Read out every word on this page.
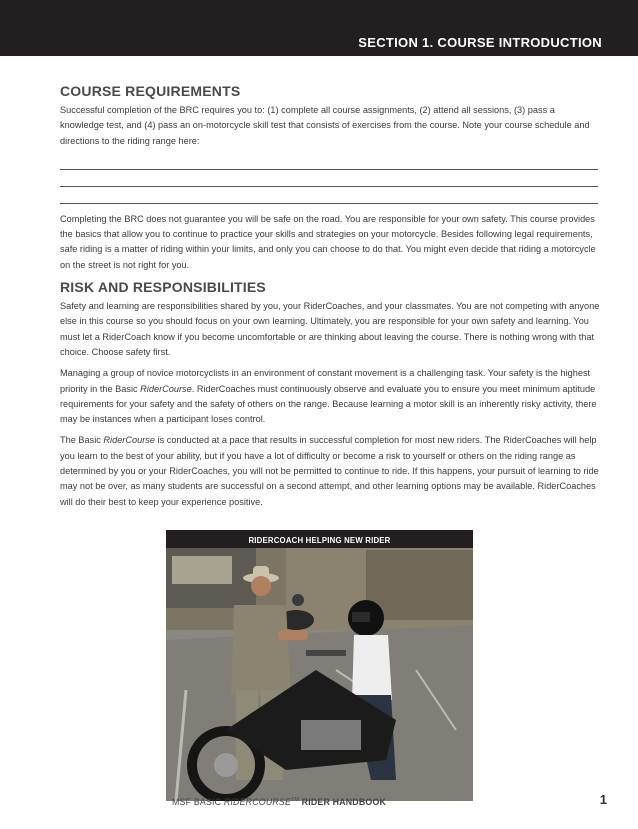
SECTION 1. COURSE INTRODUCTION
COURSE REQUIREMENTS

Successful completion of the BRC requires you to: (1) complete all course assignments, (2) attend all sessions, (3) pass a knowledge test, and (4) pass an on-motorcycle skill test that consists of exercises from the course. Note your course schedule and directions to the riding range here:

Completing the BRC does not guarantee you will be safe on the road. You are responsible for your own safety. This course provides the basics that allow you to continue to practice your skills and strategies on your motorcycle. Besides following legal requirements, safe riding is a matter of riding within your limits, and only you can choose to do that. You might even decide that riding a motorcycle on the street is not right for you.

RISK AND RESPONSIBILITIES

Safety and learning are responsibilities shared by you, your RiderCoaches, and your classmates. You are not competing with anyone else in this course so you should focus on your own learning. Ultimately, you are responsible for your own safety and learning. You must let a RiderCoach know if you become uncomfortable or are thinking about leaving the course. There is nothing wrong with that choice. Choose safety first.

Managing a group of novice motorcyclists in an environment of constant movement is a challenging task. Your safety is the highest priority in the Basic RiderCourse. RiderCoaches must continuously observe and evaluate you to ensure you meet minimum aptitude requirements for your safety and the safety of others on the range. Because learning a motor skill is an inherently risky activity, there may be instances when a participant loses control.

The Basic RiderCourse is conducted at a pace that results in successful completion for most new riders. The RiderCoaches will help you learn to the best of your ability, but if you have a lot of difficulty or become a risk to yourself or others on the riding range as determined by you or your RiderCoaches, you will not be permitted to continue to ride. If this happens, your pursuit of learning to ride may not be over, as many students are successful on a second attempt, and other learning options may be available. RiderCoaches will do their best to keep your experience positive.

RIDERCOACH HELPING NEW RIDER
MSF BASIC RIDERCOURSE℠ RIDER HANDBOOK	1
